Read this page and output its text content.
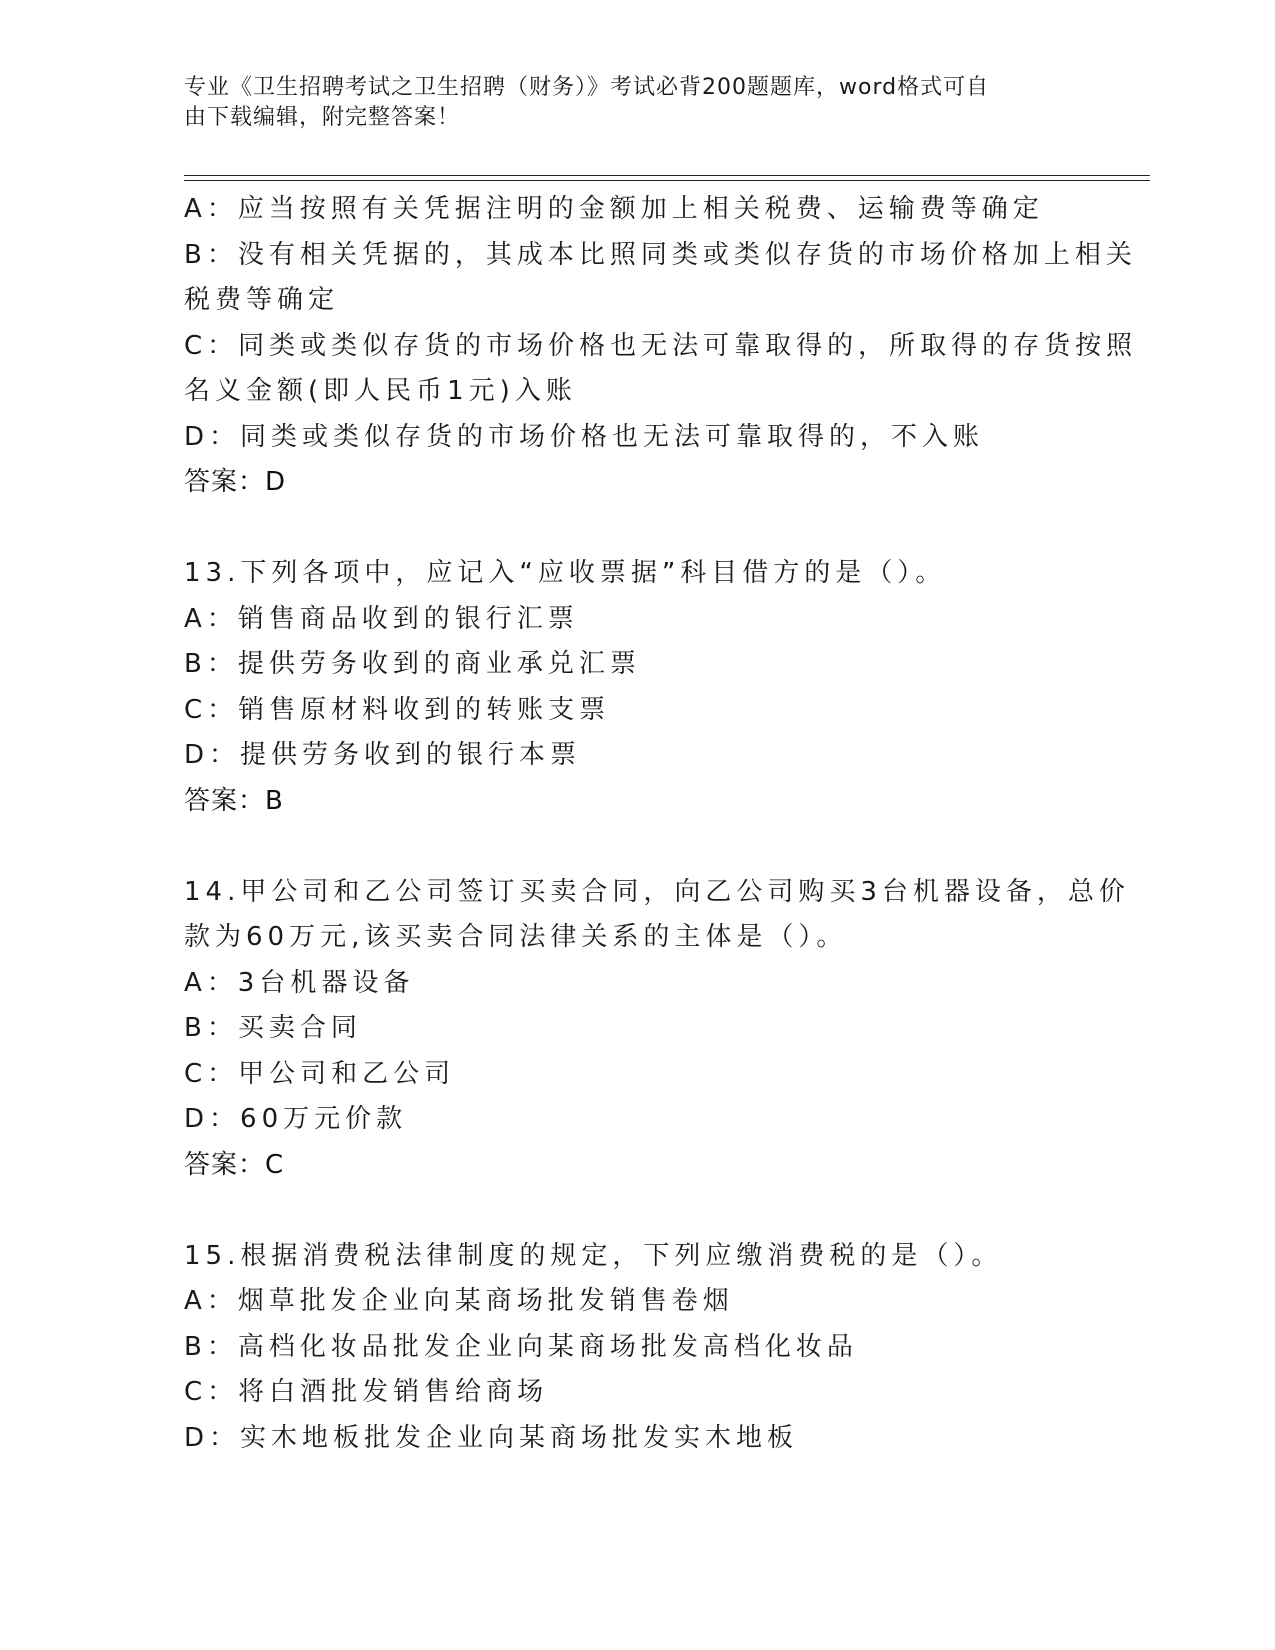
专业《卫生招聘考试之卫生招聘（财务）》考试必背200题题库，word格式可自
由下载编辑，附完整答案！
A：应当按照有关凭据注明的金额加上相关税费、运输费等确定
B：没有相关凭据的，其成本比照同类或类似存货的市场价格加上相关
税费等确定
C：同类或类似存货的市场价格也无法可靠取得的，所取得的存货按照
名义金额(即人民币1元)入账
D：同类或类似存货的市场价格也无法可靠取得的，不入账
答案：D
13.下列各项中，应记入“应收票据”科目借方的是（）。
A：销售商品收到的银行汇票
B：提供劳务收到的商业承兑汇票
C：销售原材料收到的转账支票
D：提供劳务收到的银行本票
答案：B
14.甲公司和乙公司签订买卖合同，向乙公司购买3台机器设备，总价
款为60万元,该买卖合同法律关系的主体是（）。
A：3台机器设备
B：买卖合同
C：甲公司和乙公司
D：60万元价款
答案：C
15.根据消费税法律制度的规定，下列应缴消费税的是（）。
A：烟草批发企业向某商场批发销售卷烟
B：高档化妆品批发企业向某商场批发高档化妆品
C：将白酒批发销售给商场
D：实木地板批发企业向某商场批发实木地板
